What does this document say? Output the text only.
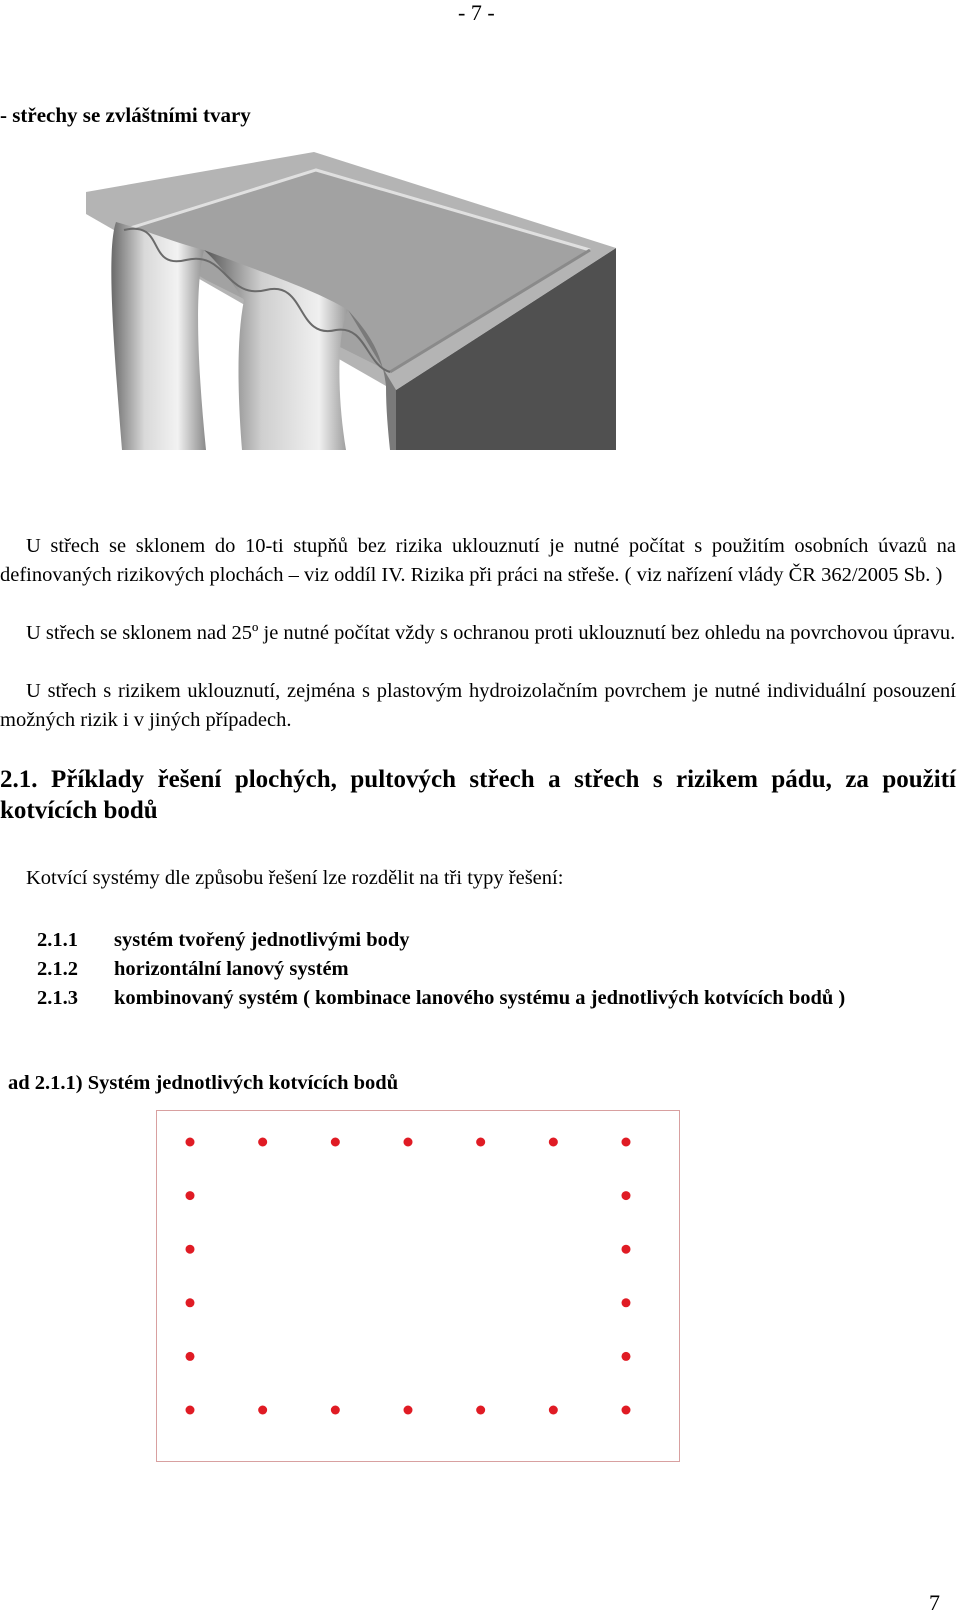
- 7 -
- střechy se zvláštními tvary

U střech se sklonem do 10-ti stupňů bez rizika uklouznutí je nutné počítat s použitím osobních úvazů na definovaných rizikových plochách – viz oddíl IV. Rizika při práci na střeše. ( viz nařízení vlády ČR 362/2005 Sb. )

U střech se sklonem nad 25º je nutné počítat vždy s ochranou proti uklouznutí bez ohledu na povrchovou úpravu.

U střech s rizikem uklouznutí, zejména s plastovým hydroizolačním povrchem je nutné individuální posouzení možných rizik i v jiných případech.

2.1. Příklady řešení plochých, pultových střech a střech s rizikem pádu, za použití kotvících bodů

Kotvící systémy dle způsobu řešení lze rozdělit na tři typy řešení:
2.1.1	systém tvořený jednotlivými body
2.1.2	horizontální lanový systém
2.1.3	kombinovaný systém ( kombinace lanového systému a jednotlivých kotvících bodů )
ad 2.1.1) Systém jednotlivých kotvících bodů
7
